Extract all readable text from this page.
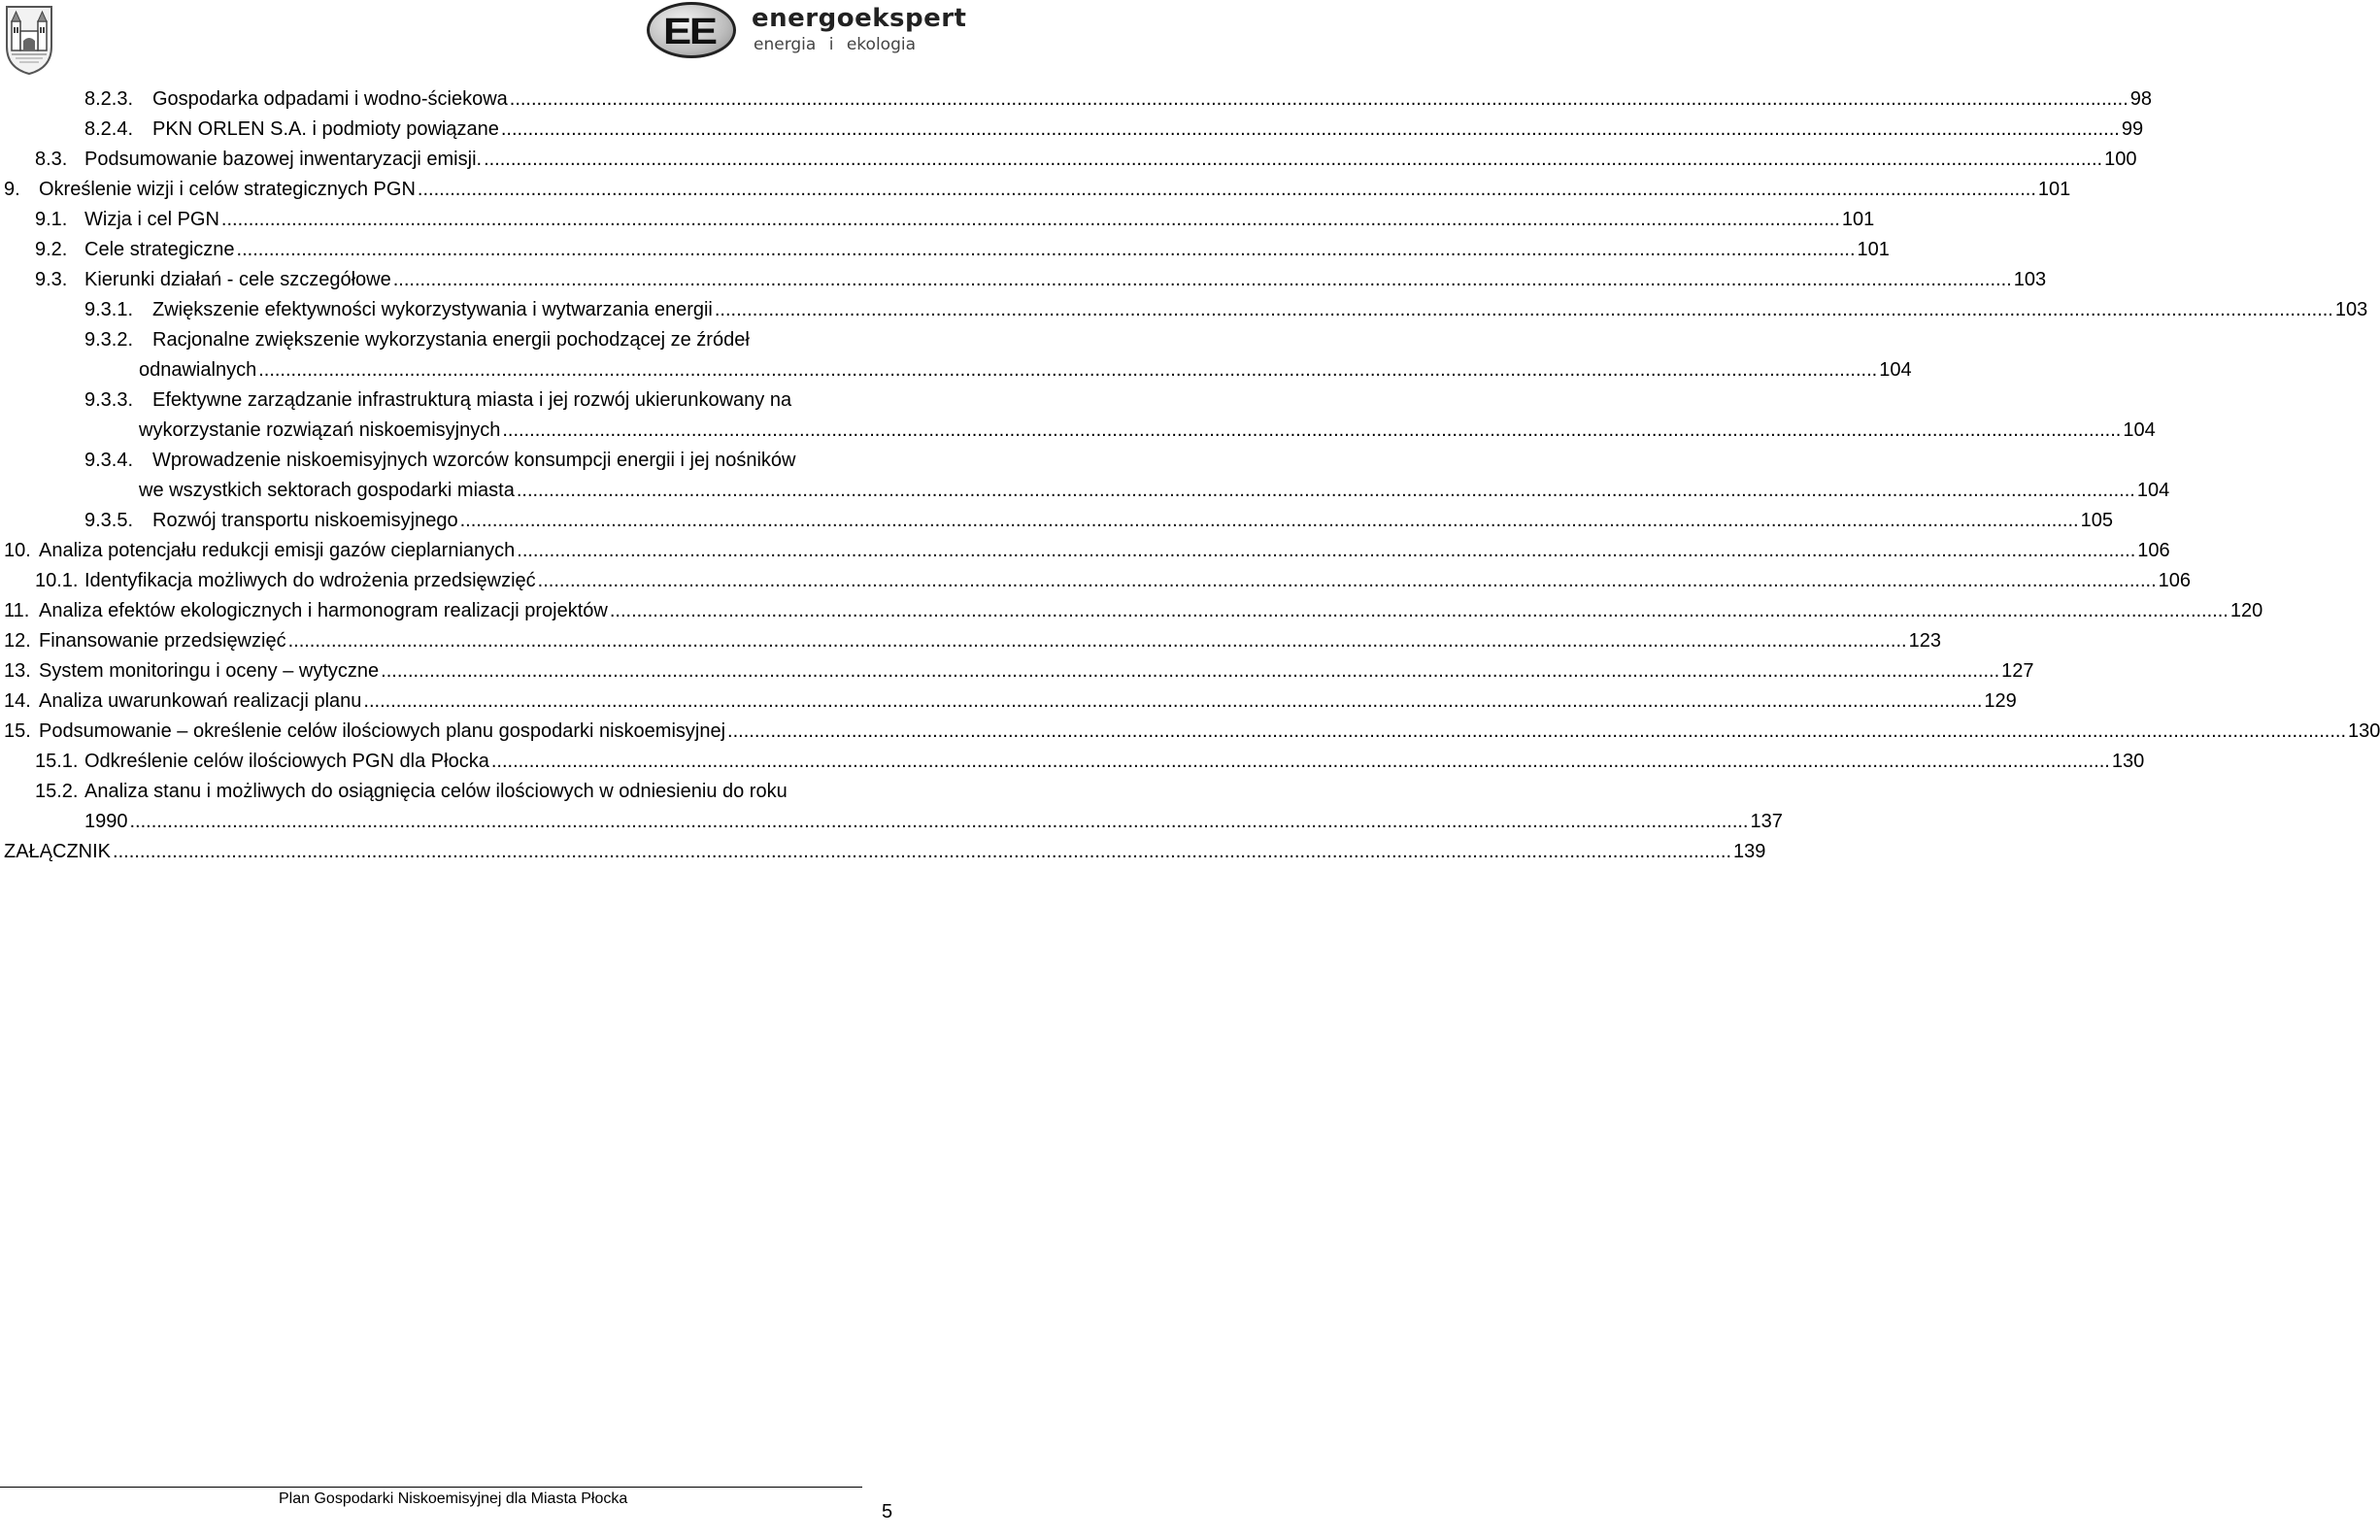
EE energoekspert
energia i ekologia
8.2.3. Gospodarka odpadami i wodno-ściekowa ............................................................................................................................................................................................................................................................................................................ 98
8.2.4. PKN ORLEN S.A. i podmioty powiązane ............................................................................................................................................................................................................................................................................................................ 99
8.3. Podsumowanie bazowej inwentaryzacji emisji. ............................................................................................................................................................................................................................................................................................................ 100
9. Określenie wizji i celów strategicznych PGN ............................................................................................................................................................................................................................................................................................................ 101
9.1. Wizja i cel PGN ............................................................................................................................................................................................................................................................................................................ 101
9.2. Cele strategiczne ............................................................................................................................................................................................................................................................................................................ 101
9.3. Kierunki działań - cele szczegółowe ............................................................................................................................................................................................................................................................................................................ 103
9.3.1. Zwiększenie efektywności wykorzystywania i wytwarzania energii ............................................................................................................................................................................................................................................................................................................ 103
9.3.2. Racjonalne zwiększenie wykorzystania energii pochodzącej ze źródeł
odnawialnych ............................................................................................................................................................................................................................................................................................................ 104
9.3.3. Efektywne zarządzanie infrastrukturą miasta i jej rozwój ukierunkowany na
wykorzystanie rozwiązań niskoemisyjnych ............................................................................................................................................................................................................................................................................................................ 104
9.3.4. Wprowadzenie niskoemisyjnych wzorców konsumpcji energii i jej nośników
we wszystkich sektorach gospodarki miasta ............................................................................................................................................................................................................................................................................................................ 104
9.3.5. Rozwój transportu niskoemisyjnego ............................................................................................................................................................................................................................................................................................................ 105
10. Analiza potencjału redukcji emisji gazów cieplarnianych ............................................................................................................................................................................................................................................................................................................ 106
10.1. Identyfikacja możliwych do wdrożenia przedsięwzięć ............................................................................................................................................................................................................................................................................................................ 106
11. Analiza efektów ekologicznych i harmonogram realizacji projektów ............................................................................................................................................................................................................................................................................................................ 120
12. Finansowanie przedsięwzięć ............................................................................................................................................................................................................................................................................................................ 123
13. System monitoringu i oceny – wytyczne ............................................................................................................................................................................................................................................................................................................ 127
14. Analiza uwarunkowań realizacji planu ............................................................................................................................................................................................................................................................................................................ 129
15. Podsumowanie – określenie celów ilościowych planu gospodarki niskoemisyjnej ............................................................................................................................................................................................................................................................................................................ 130
15.1. Odkreślenie celów ilościowych PGN dla Płocka ............................................................................................................................................................................................................................................................................................................ 130
15.2. Analiza stanu i możliwych do osiągnięcia celów ilościowych w odniesieniu do roku
1990 ............................................................................................................................................................................................................................................................................................................ 137
ZAŁĄCZNIK ............................................................................................................................................................................................................................................................................................................ 139
Plan Gospodarki Niskoemisyjnej dla Miasta Płocka
5
